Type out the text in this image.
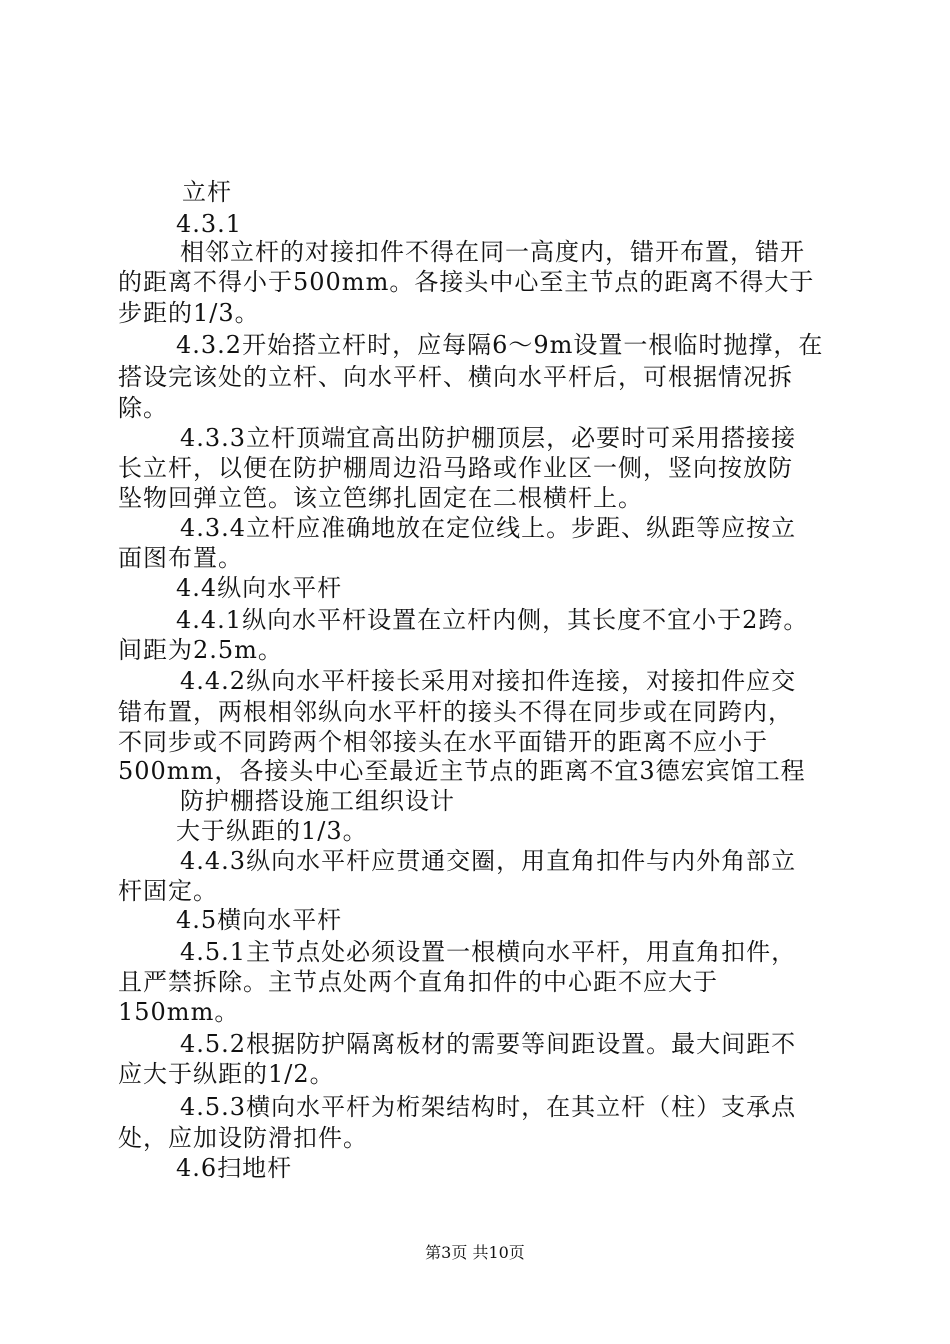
立杆
4.3.1
相邻立杆的对接扣件不得在同一高度内，错开布置，错开
的距离不得小于500mm。各接头中心至主节点的距离不得大于
步距的1/3。
4.3.2开始搭立杆时，应每隔6～9m设置一根临时抛撑，在
搭设完该处的立杆、向水平杆、横向水平杆后，可根据情况拆
除。
4.3.3立杆顶端宜高出防护棚顶层，必要时可采用搭接接
长立杆，以便在防护棚周边沿马路或作业区一侧，竖向按放防
坠物回弹立笆。该立笆绑扎固定在二根横杆上。
4.3.4立杆应准确地放在定位线上。步距、纵距等应按立
面图布置。
4.4纵向水平杆
4.4.1纵向水平杆设置在立杆内侧，其长度不宜小于2跨。
间距为2.5m。
4.4.2纵向水平杆接长采用对接扣件连接，对接扣件应交
错布置，两根相邻纵向水平杆的接头不得在同步或在同跨内，
不同步或不同跨两个相邻接头在水平面错开的距离不应小于
500mm，各接头中心至最近主节点的距离不宜3德宏宾馆工程
防护棚搭设施工组织设计
大于纵距的1/3。
4.4.3纵向水平杆应贯通交圈，用直角扣件与内外角部立
杆固定。
4.5横向水平杆
4.5.1主节点处必须设置一根横向水平杆，用直角扣件，
且严禁拆除。主节点处两个直角扣件的中心距不应大于
150mm。
4.5.2根据防护隔离板材的需要等间距设置。最大间距不
应大于纵距的1/2。
4.5.3横向水平杆为桁架结构时，在其立杆（柱）支承点
处，应加设防滑扣件。
4.6扫地杆
第3页 共10页
